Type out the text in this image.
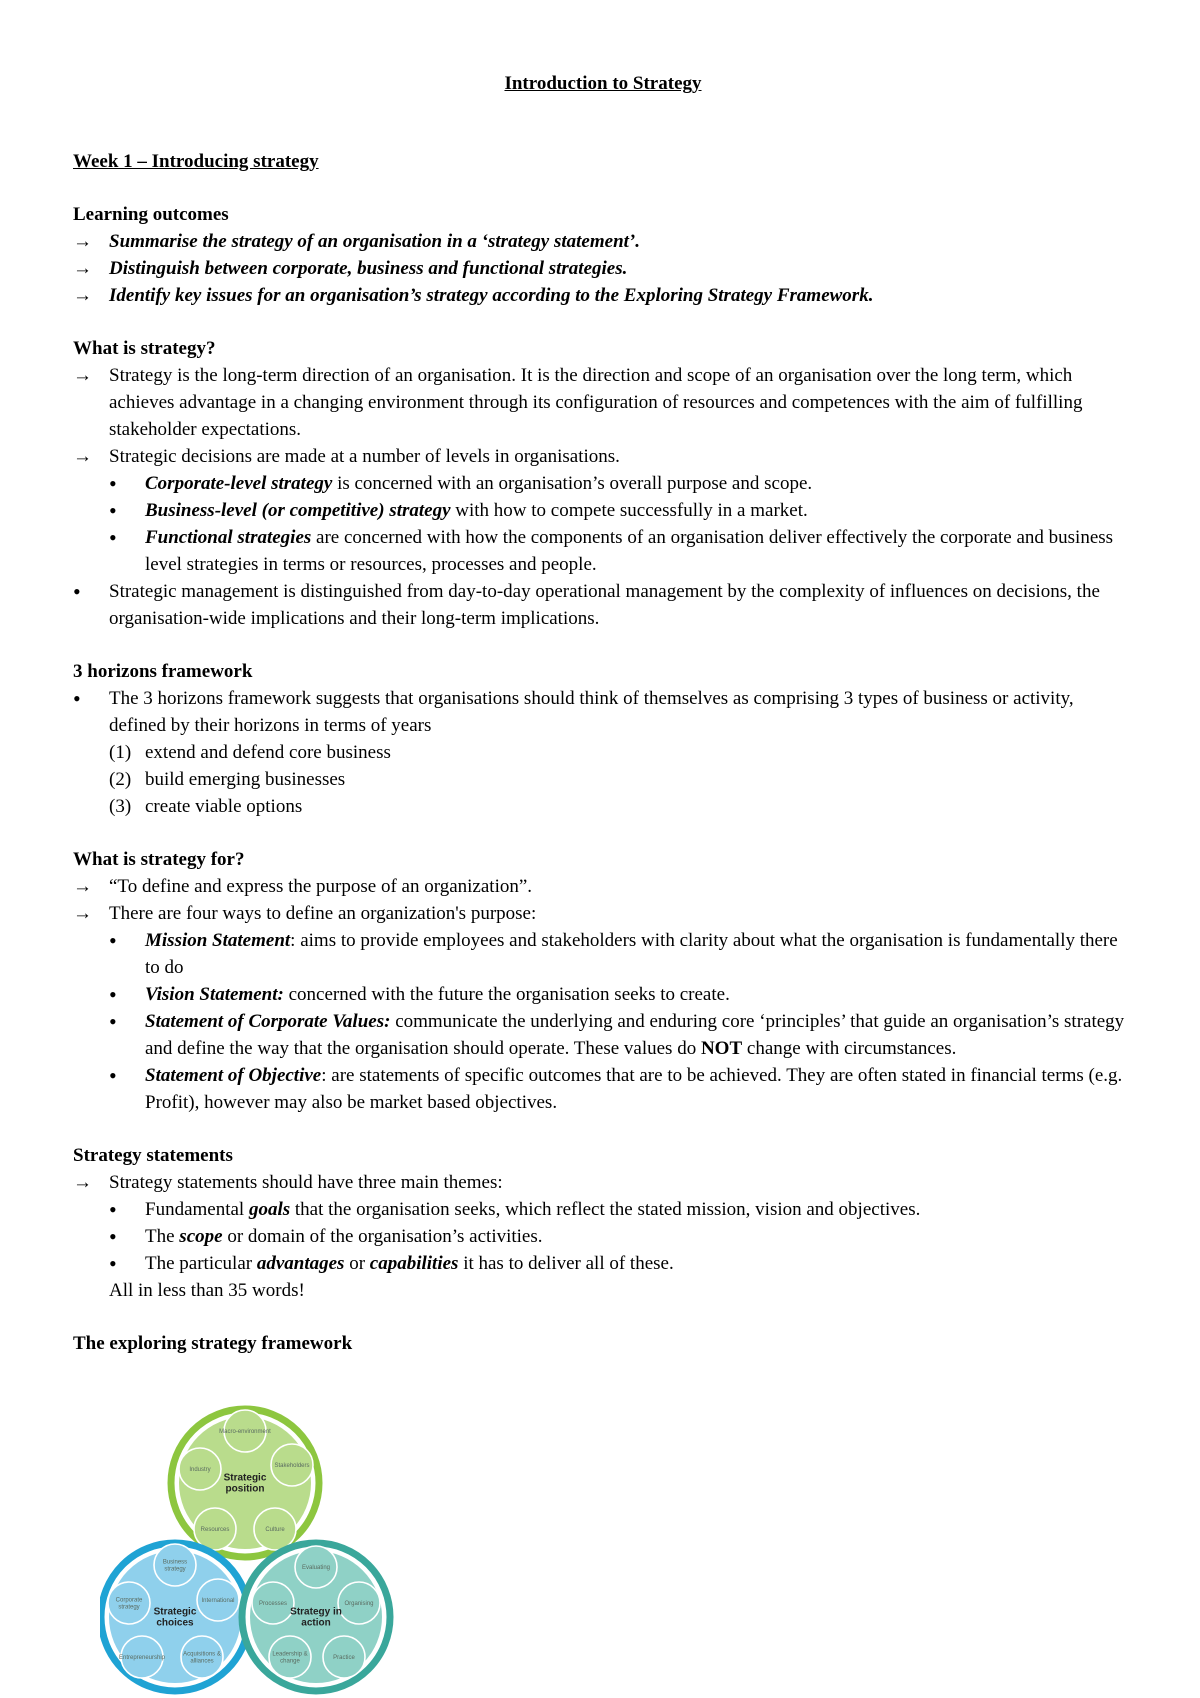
Introduction to Strategy

Week 1 – Introducing strategy

Learning outcomes

→ Summarise the strategy of an organisation in a ‘strategy statement’.
→ Distinguish between corporate, business and functional strategies.
→ Identify key issues for an organisation’s strategy according to the Exploring Strategy Framework.

What is strategy?

→ Strategy is the long-term direction of an organisation. It is the direction and scope of an organisation over the long term, which achieves advantage in a changing environment through its configuration of resources and competences with the aim of fulfilling stakeholder expectations.
→ Strategic decisions are made at a number of levels in organisations.
• Corporate-level strategy is concerned with an organisation’s overall purpose and scope.
• Business-level (or competitive) strategy with how to compete successfully in a market.
• Functional strategies are concerned with how the components of an organisation deliver effectively the corporate and business level strategies in terms or resources, processes and people.
•	Strategic management is distinguished from day-to-day operational management by the complexity of influences on decisions, the organisation-wide implications and their long-term implications.

3 horizons framework

•	The 3 horizons framework suggests that organisations should think of themselves as comprising 3 types of business or activity, defined by their horizons in terms of years
(1) extend and defend core business
(2) build emerging businesses
(3) create viable options

What is strategy for?

→ “To define and express the purpose of an organization”.
→ There are four ways to define an organization's purpose:
• Mission Statement: aims to provide employees and stakeholders with clarity about what the organisation is fundamentally there to do
• Vision Statement: concerned with the future the organisation seeks to create.
• Statement of Corporate Values: communicate the underlying and enduring core ‘principles’ that guide an organisation’s strategy and define the way that the organisation should operate. These values do NOT change with circumstances.
• Statement of Objective: are statements of specific outcomes that are to be achieved. They are often stated in financial terms (e.g. Profit), however may also be market based objectives.

Strategy statements

→ Strategy statements should have three main themes:
• Fundamental goals that the organisation seeks, which reflect the stated mission, vision and objectives.
• The scope or domain of the organisation’s activities.
• The particular advantages or capabilities it has to deliver all of these.

All in less than 35 words!

The exploring strategy framework

Macro-environment
Industry
Stakeholders
Resources	Culture
Strategic position
Business strategy
Corporate strategy
International
Entrepreneurship
Acquisitions & alliances
Strategic choices
Evaluating
Processes	Organising
Leadership & change
Practice
Strategy in action
